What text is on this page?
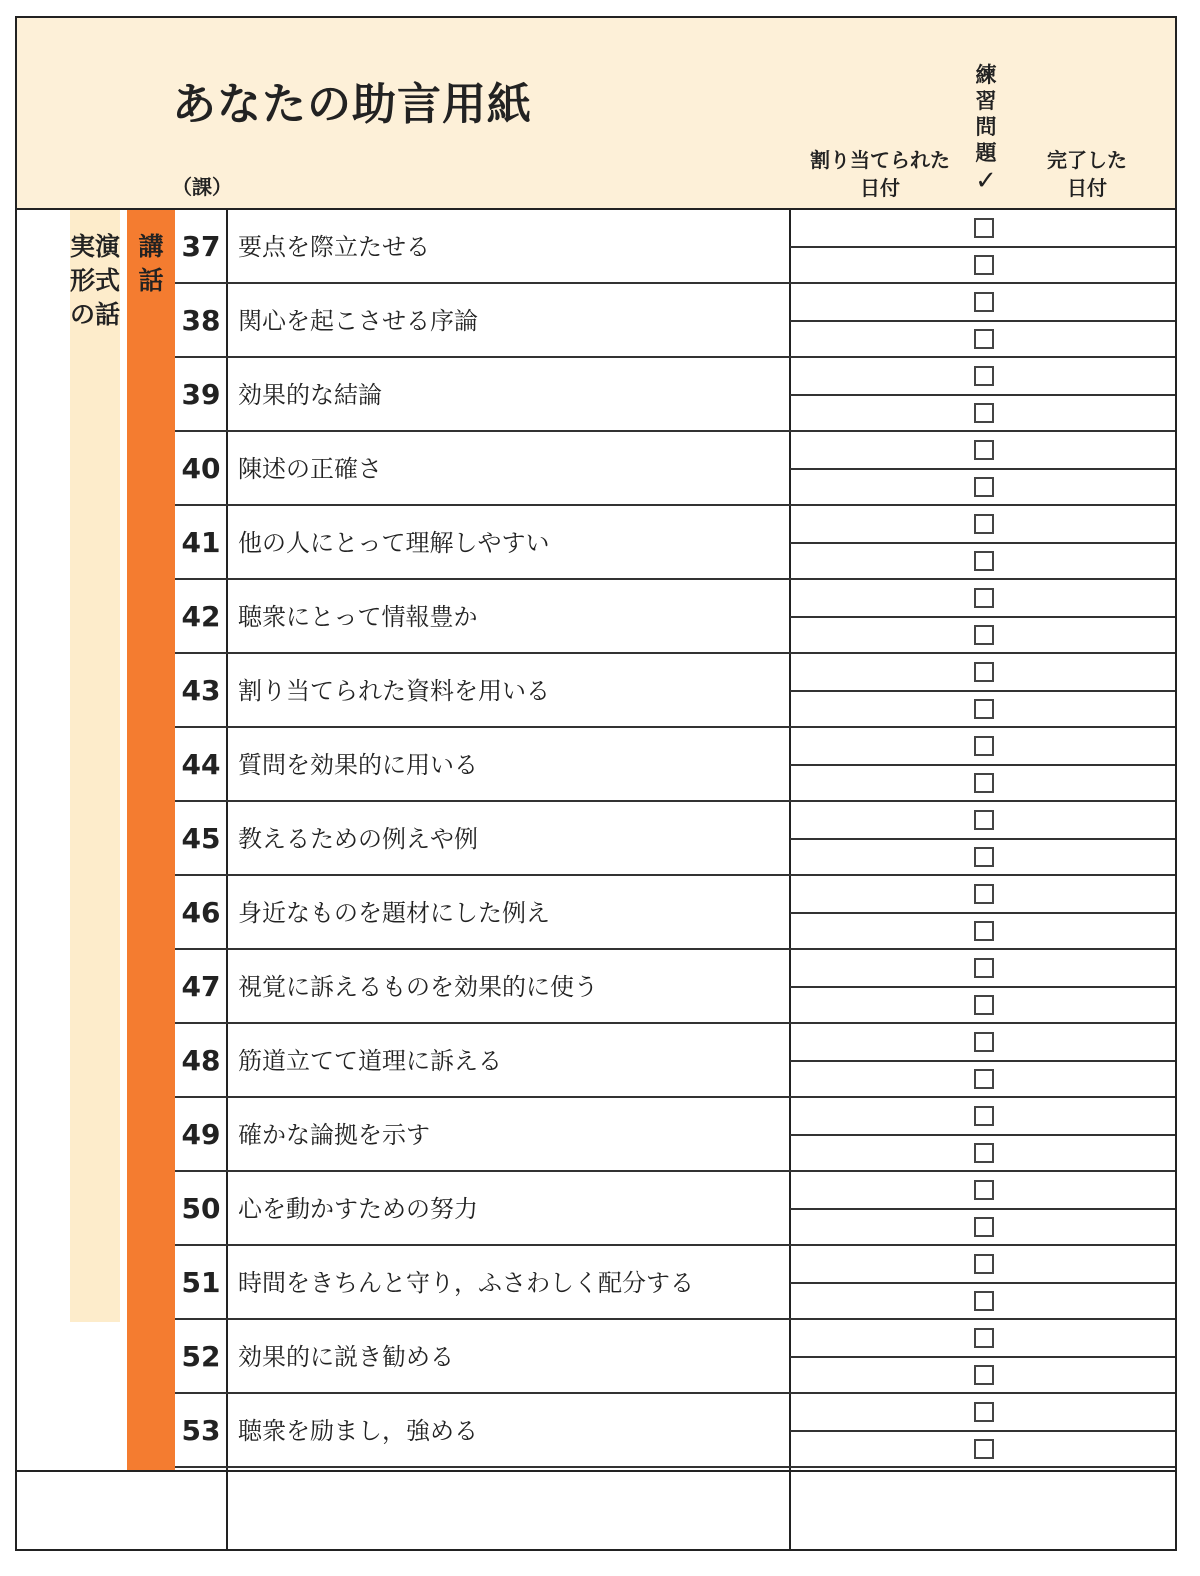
あなたの助言用紙
（課）
割り当てられた
日付
練習問題
✓
完了した
日付
実演形式の話
講話
37 要点を際立たせる
38 関心を起こさせる序論
39 効果的な結論
40 陳述の正確さ
41 他の人にとって理解しやすい
42 聴衆にとって情報豊か
43 割り当てられた資料を用いる
44 質問を効果的に用いる
45 教えるための例えや例
46 身近なものを題材にした例え
47 視覚に訴えるものを効果的に使う
48 筋道立てて道理に訴える
49 確かな論拠を示す
50 心を動かすための努力
51 時間をきちんと守り，ふさわしく配分する
52 効果的に説き勧める
53 聴衆を励まし，強める
